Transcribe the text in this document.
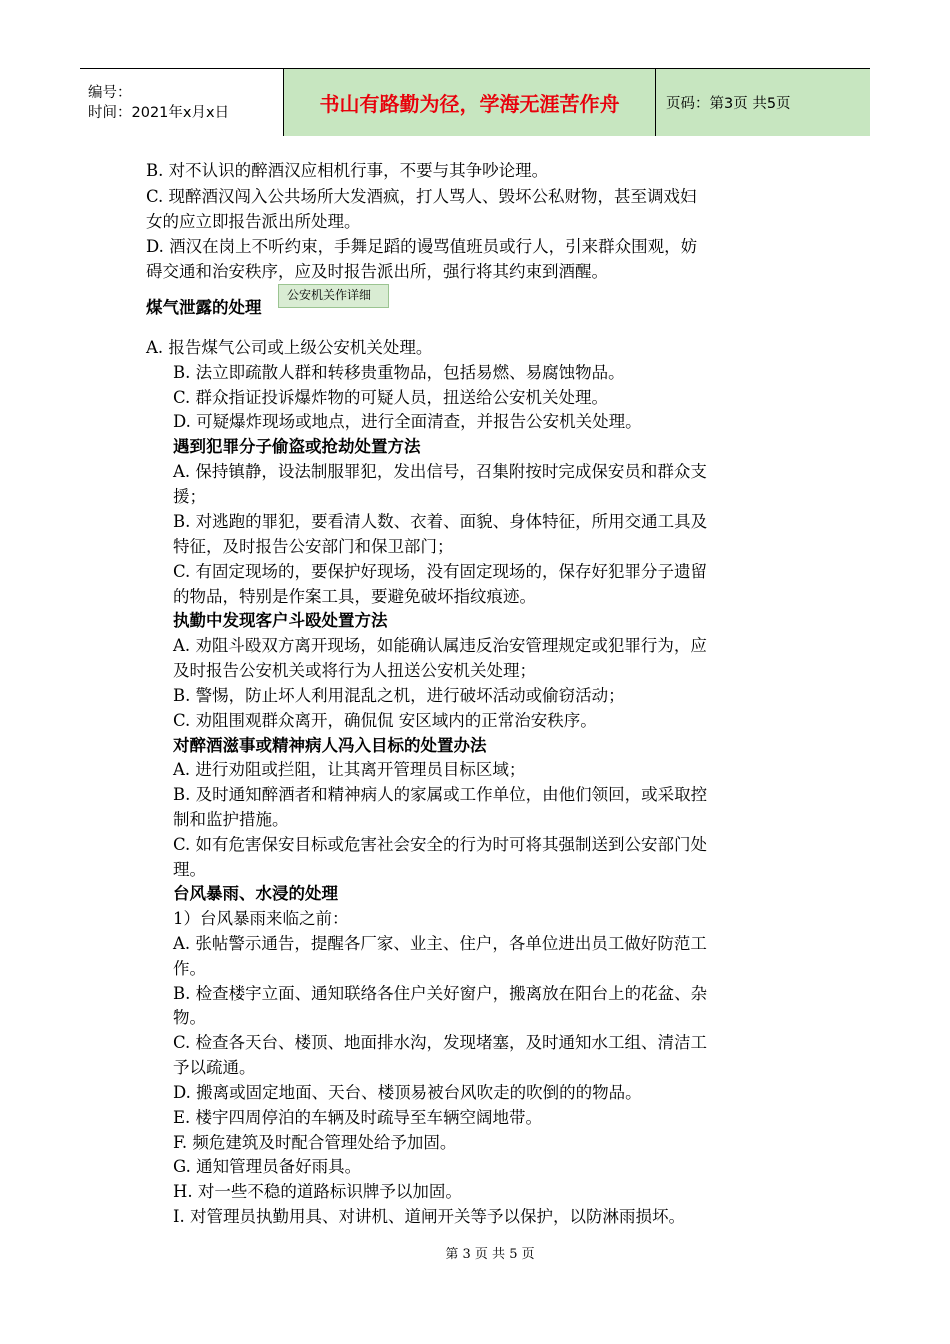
编号：
时间：2021年x月x日	书山有路勤为径，学海无涯苦作舟	页码：第3页 共5页
B. 对不认识的醉酒汉应相机行事，不要与其争吵论理。
C. 现醉酒汉闯入公共场所大发酒疯，打人骂人、毁坏公私财物，甚至调戏妇
女的应立即报告派出所处理。
D. 酒汉在岗上不听约束，手舞足蹈的谩骂值班员或行人，引来群众围观，妨
碍交通和治安秩序，应及时报告派出所，强行将其约束到酒醒。
煤气泄露的处理
A. 报告煤气公司或上级公安机关处理。
B. 法立即疏散人群和转移贵重物品，包括易燃、易腐蚀物品。
C. 群众指证投诉爆炸物的可疑人员，扭送给公安机关处理。
D. 可疑爆炸现场或地点，进行全面清查，并报告公安机关处理。
遇到犯罪分子偷盗或抢劫处置方法
A. 保持镇静，设法制服罪犯，发出信号，召集附按时完成保安员和群众支
援；
B. 对逃跑的罪犯，要看清人数、衣着、面貌、身体特征，所用交通工具及
特征，及时报告公安部门和保卫部门；
C. 有固定现场的，要保护好现场，没有固定现场的，保存好犯罪分子遗留
的物品，特别是作案工具，要避免破坏指纹痕迹。
执勤中发现客户斗殴处置方法
A. 劝阻斗殴双方离开现场，如能确认属违反治安管理规定或犯罪行为，应
及时报告公安机关或将行为人扭送公安机关处理；
B. 警惕，防止坏人利用混乱之机，进行破坏活动或偷窃活动；
C. 劝阻围观群众离开，确侃侃 安区域内的正常治安秩序。
对醉酒滋事或精神病人冯入目标的处置办法
A. 进行劝阻或拦阻，让其离开管理员目标区域；
B. 及时通知醉酒者和精神病人的家属或工作单位，由他们领回，或采取控
制和监护措施。
C. 如有危害保安目标或危害社会安全的行为时可将其强制送到公安部门处
理。
台风暴雨、水浸的处理
1）台风暴雨来临之前：
A. 张帖警示通告，提醒各厂家、业主、住户，各单位进出员工做好防范工
作。
B. 检查楼宇立面、通知联络各住户关好窗户，搬离放在阳台上的花盆、杂
物。
C. 检查各天台、楼顶、地面排水沟，发现堵塞，及时通知水工组、清洁工
予以疏通。
D. 搬离或固定地面、天台、楼顶易被台风吹走的吹倒的的物品。
E. 楼宇四周停泊的车辆及时疏导至车辆空阔地带。
F. 频危建筑及时配合管理处给予加固。
G. 通知管理员备好雨具。
H. 对一些不稳的道路标识牌予以加固。
I. 对管理员执勤用具、对讲机、道闸开关等予以保护，以防淋雨损坏。
公安机关作详细
第 3 页 共 5 页
